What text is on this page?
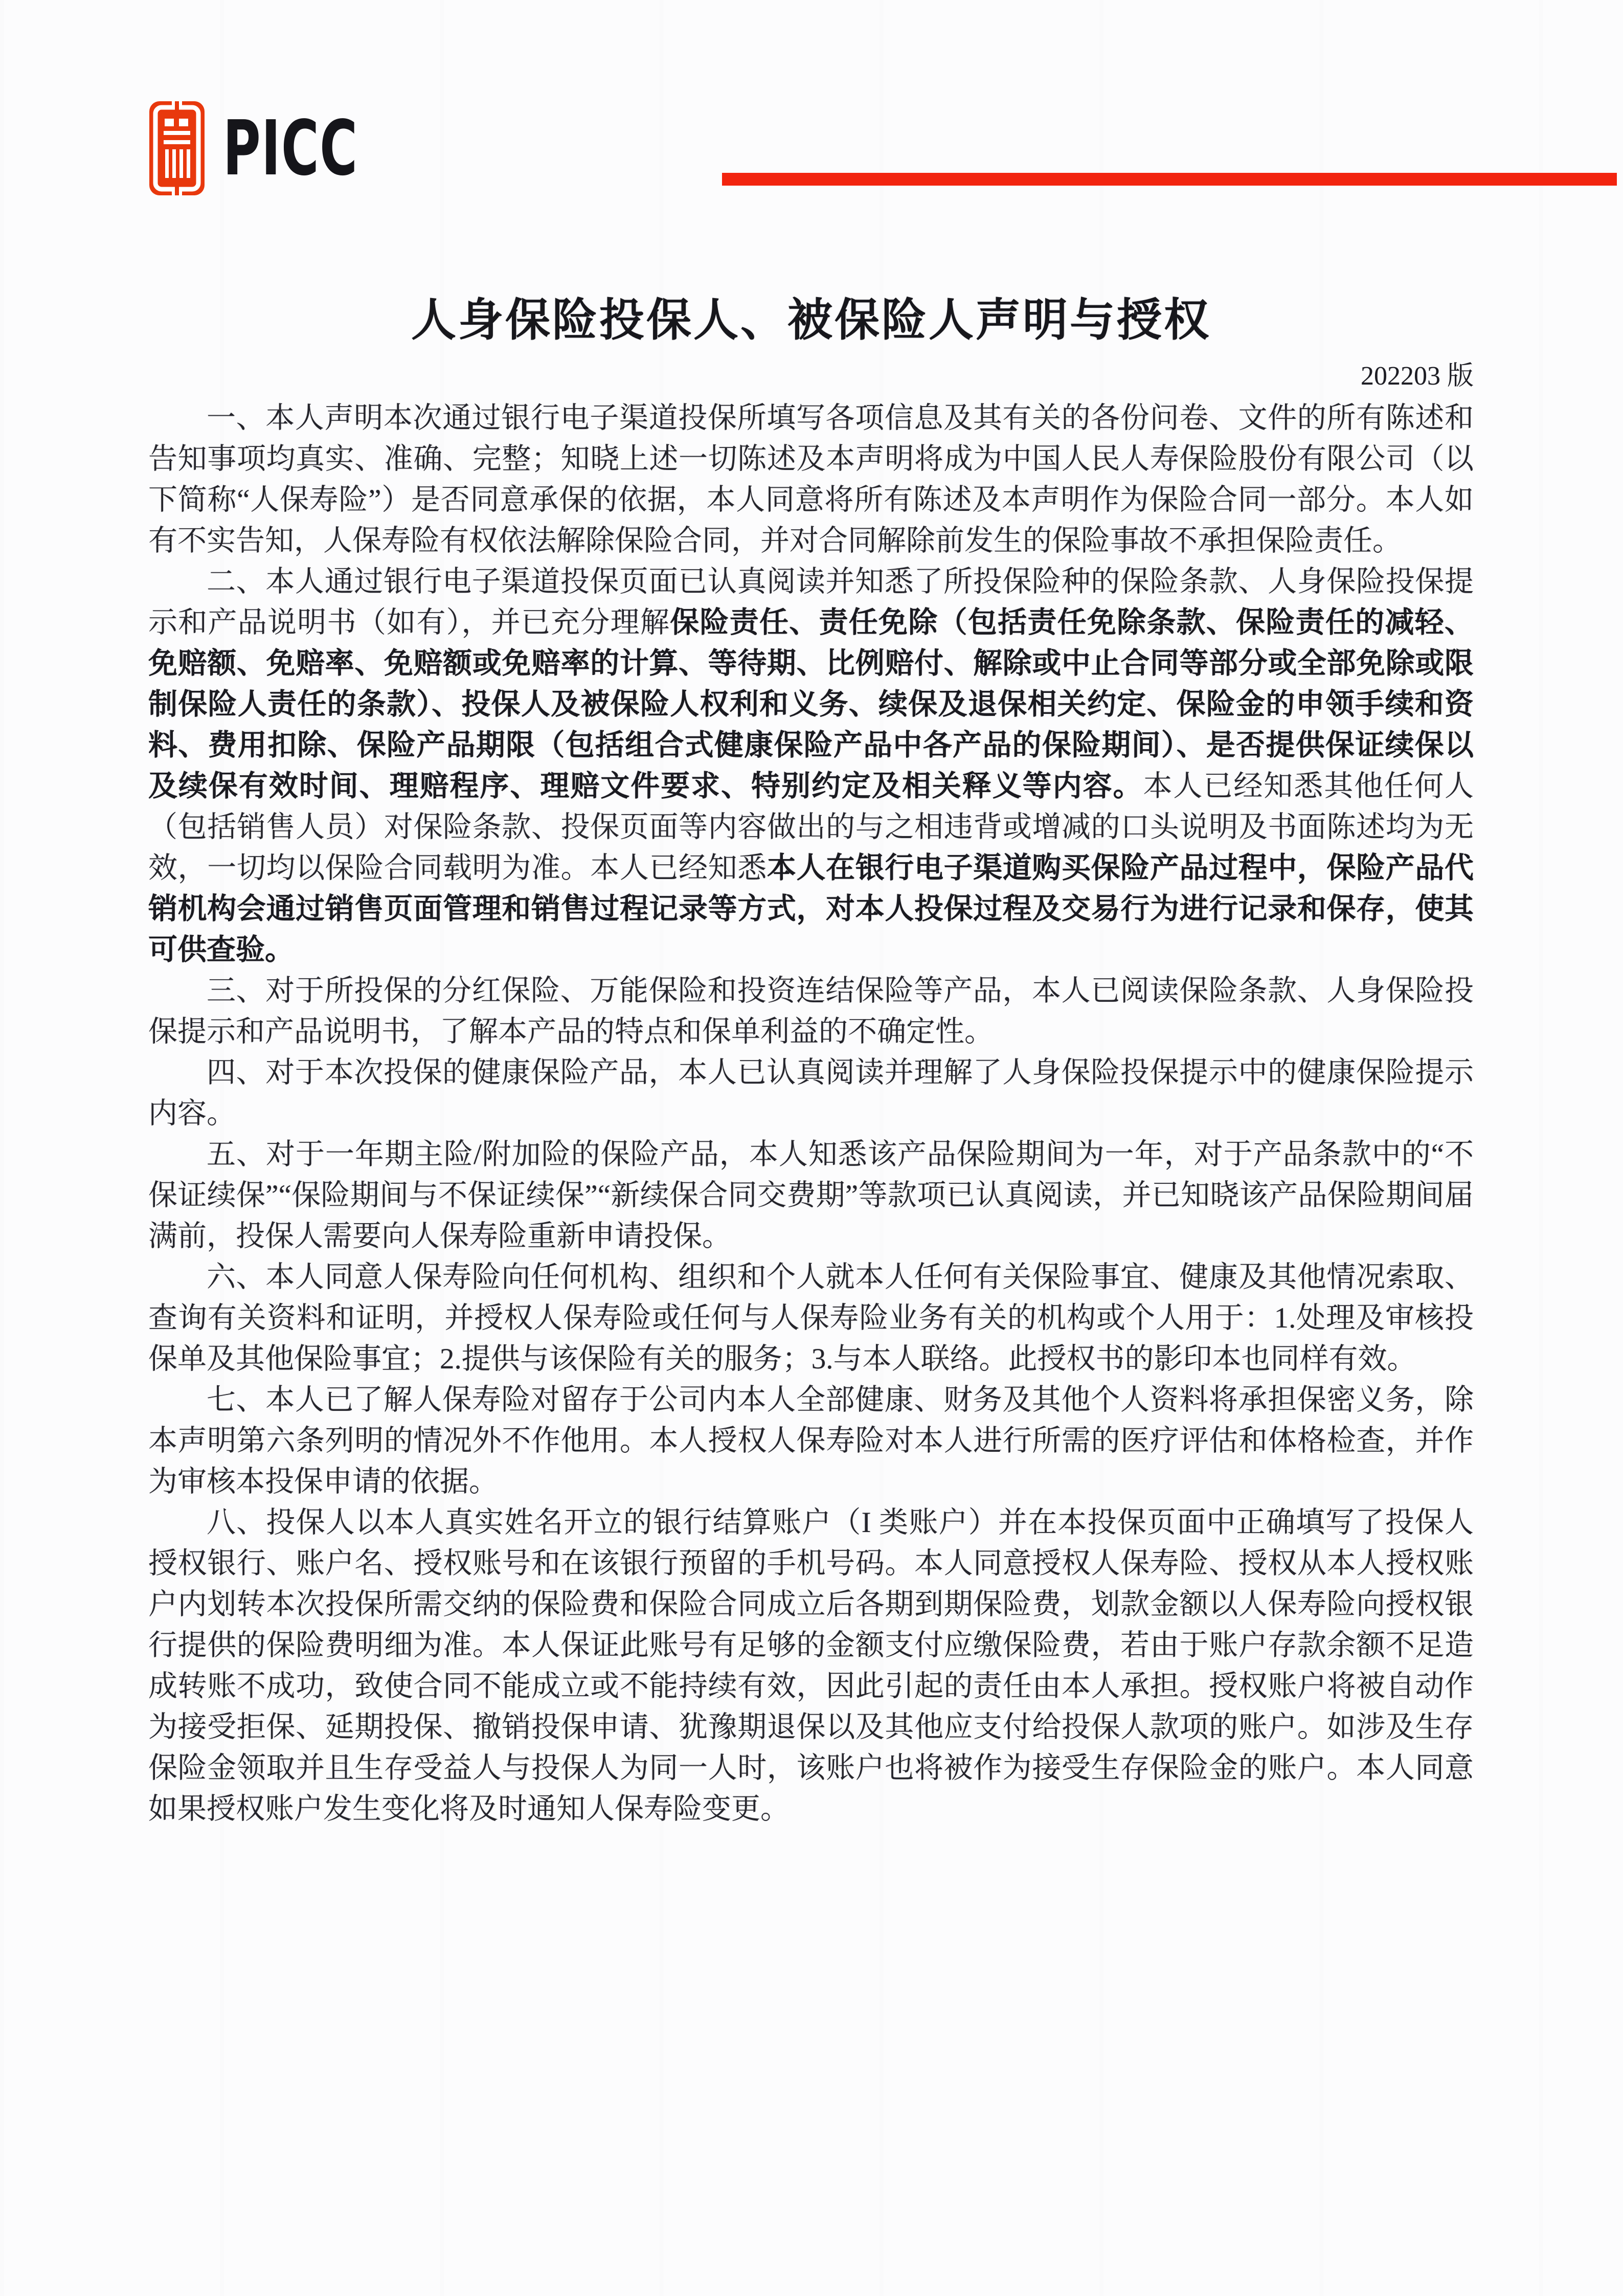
PICC
人身保险投保人、被保险人声明与授权
202203 版

一、本人声明本次通过银行电子渠道投保所填写各项信息及其有关的各份问卷、文件的所有陈述和告知事项均真实、准确、完整；知晓上述一切陈述及本声明将成为中国人民人寿保险股份有限公司（以下简称“人保寿险”）是否同意承保的依据，本人同意将所有陈述及本声明作为保险合同一部分。本人如有不实告知，人保寿险有权依法解除保险合同，并对合同解除前发生的保险事故不承担保险责任。

二、本人通过银行电子渠道投保页面已认真阅读并知悉了所投保险种的保险条款、人身保险投保提示和产品说明书（如有），并已充分理解保险责任、责任免除（包括责任免除条款、保险责任的减轻、免赔额、免赔率、免赔额或免赔率的计算、等待期、比例赔付、解除或中止合同等部分或全部免除或限制保险人责任的条款）、投保人及被保险人权利和义务、续保及退保相关约定、保险金的申领手续和资料、费用扣除、保险产品期限（包括组合式健康保险产品中各产品的保险期间）、是否提供保证续保以及续保有效时间、理赔程序、理赔文件要求、特别约定及相关释义等内容。本人已经知悉其他任何人（包括销售人员）对保险条款、投保页面等内容做出的与之相违背或增减的口头说明及书面陈述均为无效，一切均以保险合同载明为准。本人已经知悉本人在银行电子渠道购买保险产品过程中，保险产品代销机构会通过销售页面管理和销售过程记录等方式，对本人投保过程及交易行为进行记录和保存，使其可供查验。

三、对于所投保的分红保险、万能保险和投资连结保险等产品，本人已阅读保险条款、人身保险投保提示和产品说明书，了解本产品的特点和保单利益的不确定性。

四、对于本次投保的健康保险产品，本人已认真阅读并理解了人身保险投保提示中的健康保险提示内容。

五、对于一年期主险/附加险的保险产品，本人知悉该产品保险期间为一年，对于产品条款中的“不保证续保”“保险期间与不保证续保”“新续保合同交费期”等款项已认真阅读，并已知晓该产品保险期间届满前，投保人需要向人保寿险重新申请投保。

六、本人同意人保寿险向任何机构、组织和个人就本人任何有关保险事宜、健康及其他情况索取、查询有关资料和证明，并授权人保寿险或任何与人保寿险业务有关的机构或个人用于：1.处理及审核投保单及其他保险事宜；2.提供与该保险有关的服务；3.与本人联络。此授权书的影印本也同样有效。

七、本人已了解人保寿险对留存于公司内本人全部健康、财务及其他个人资料将承担保密义务，除本声明第六条列明的情况外不作他用。本人授权人保寿险对本人进行所需的医疗评估和体格检查，并作为审核本投保申请的依据。

八、投保人以本人真实姓名开立的银行结算账户（I 类账户）并在本投保页面中正确填写了投保人授权银行、账户名、授权账号和在该银行预留的手机号码。本人同意授权人保寿险、授权从本人授权账户内划转本次投保所需交纳的保险费和保险合同成立后各期到期保险费，划款金额以人保寿险向授权银行提供的保险费明细为准。本人保证此账号有足够的金额支付应缴保险费，若由于账户存款余额不足造成转账不成功，致使合同不能成立或不能持续有效，因此引起的责任由本人承担。授权账户将被自动作为接受拒保、延期投保、撤销投保申请、犹豫期退保以及其他应支付给投保人款项的账户。如涉及生存保险金领取并且生存受益人与投保人为同一人时，该账户也将被作为接受生存保险金的账户。本人同意如果授权账户发生变化将及时通知人保寿险变更。
